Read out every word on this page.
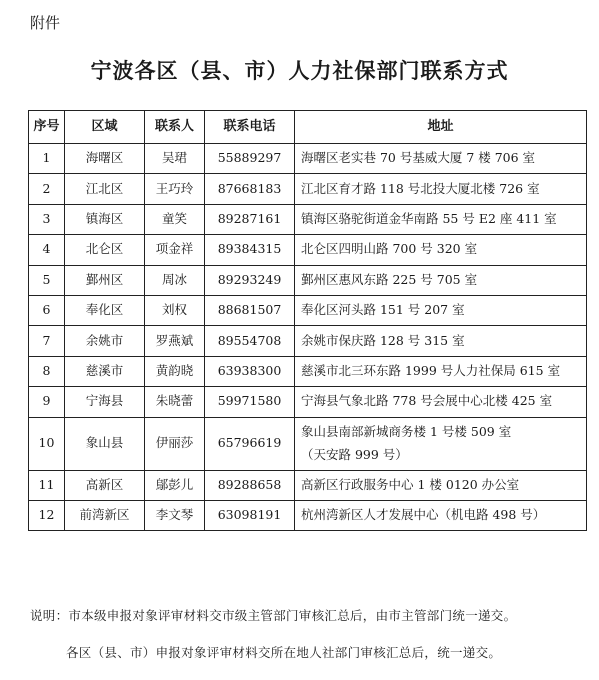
附件
宁波各区（县、市）人力社保部门联系方式
序号	区域	联系人	联系电话	地址
1	海曙区	吴珺	55889297	海曙区老实巷 70 号基威大厦 7 楼 706 室
2	江北区	王巧玲	87668183	江北区育才路 118 号北投大厦北楼 726 室
3	镇海区	童笑	89287161	镇海区骆驼街道金华南路 55 号 E2 座 411 室
4	北仑区	项金祥	89384315	北仑区四明山路 700 号 320 室
5	鄞州区	周冰	89293249	鄞州区惠风东路 225 号 705 室
6	奉化区	刘权	88681507	奉化区河头路 151 号 207 室
7	余姚市	罗燕斌	89554708	余姚市保庆路 128 号 315 室
8	慈溪市	黄韵晓	63938300	慈溪市北三环东路 1999 号人力社保局 615 室
9	宁海县	朱晓蕾	59971580	宁海县气象北路 778 号会展中心北楼 425 室
10	象山县	伊丽莎	65796619	象山县南部新城商务楼 1 号楼 509 室
（天安路 999 号）

11	高新区	鄔彭儿	89288658	高新区行政服务中心 1 楼 0120 办公室
12	前湾新区	李文琴	63098191	杭州湾新区人才发展中心（机电路 498 号）
说明：市本级申报对象评审材料交市级主管部门审核汇总后，由市主管部门统一递交。
各区（县、市）申报对象评审材料交所在地人社部门审核汇总后，统一递交。
